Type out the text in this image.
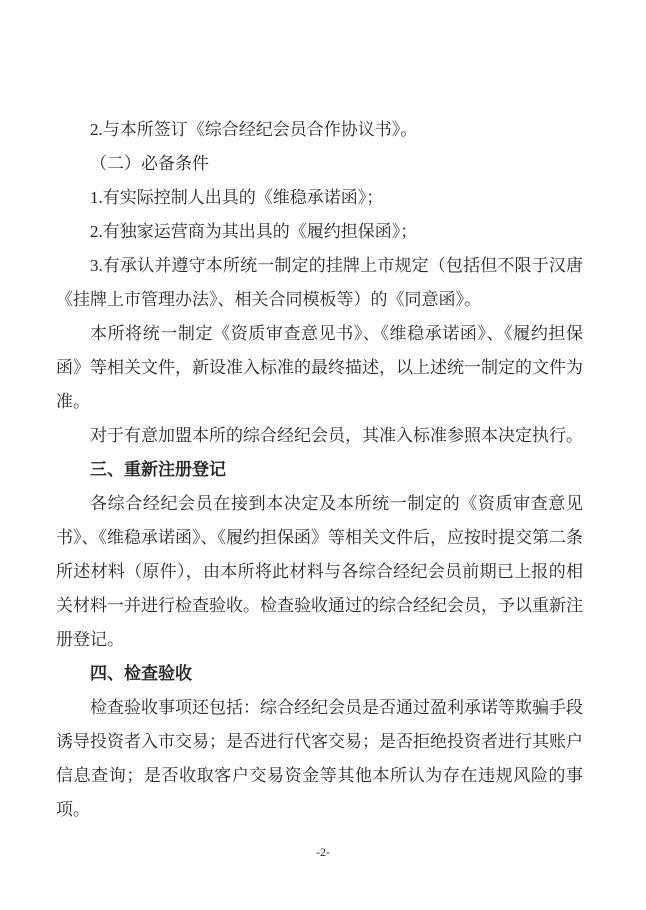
2.与本所签订《综合经纪会员合作协议书》。

（二）必备条件

1.有实际控制人出具的《维稳承诺函》；

2.有独家运营商为其出具的《履约担保函》；

3.有承认并遵守本所统一制定的挂牌上市规定（包括但不限于汉唐《挂牌上市管理办法》、相关合同模板等）的《同意函》。

本所将统一制定《资质审查意见书》、《维稳承诺函》、《履约担保函》等相关文件，新设准入标准的最终描述，以上述统一制定的文件为准。

对于有意加盟本所的综合经纪会员，其准入标准参照本决定执行。

三、重新注册登记

各综合经纪会员在接到本决定及本所统一制定的《资质审查意见书》、《维稳承诺函》、《履约担保函》等相关文件后，应按时提交第二条所述材料（原件），由本所将此材料与各综合经纪会员前期已上报的相关材料一并进行检查验收。检查验收通过的综合经纪会员，予以重新注册登记。

四、检查验收

检查验收事项还包括：综合经纪会员是否通过盈利承诺等欺骗手段诱导投资者入市交易；是否进行代客交易；是否拒绝投资者进行其账户信息查询；是否收取客户交易资金等其他本所认为存在违规风险的事项。

-2-
